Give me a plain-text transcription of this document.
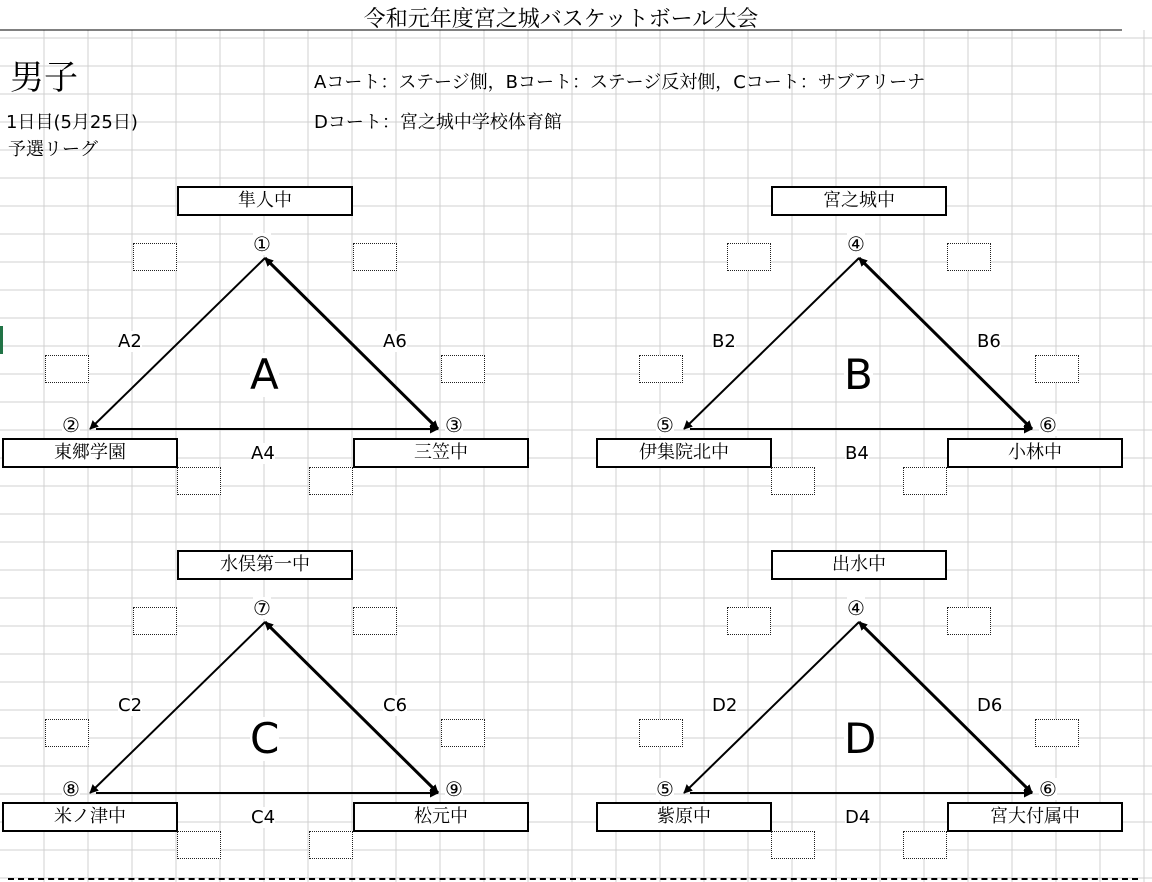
令和元年度宮之城バスケットボール大会
男子	Aコート：ステージ側，Bコート：ステージ反対側，Cコート：サブアリーナ
Dコート：宮之城中学校体育館
1日目(5月25日)
予選リーグ
隼人中
東郷学園	三笠中
①
②	③
A2	A6
A4
A
宮之城中
伊集院北中	小林中
④
⑤	⑥
B2	B6
B4
B
水俣第一中
米ノ津中	松元中
⑦
⑧	⑨
C2	C6
C4
C
出水中
紫原中	宮大付属中
④
⑤	⑥
D2	D6
D4
D
